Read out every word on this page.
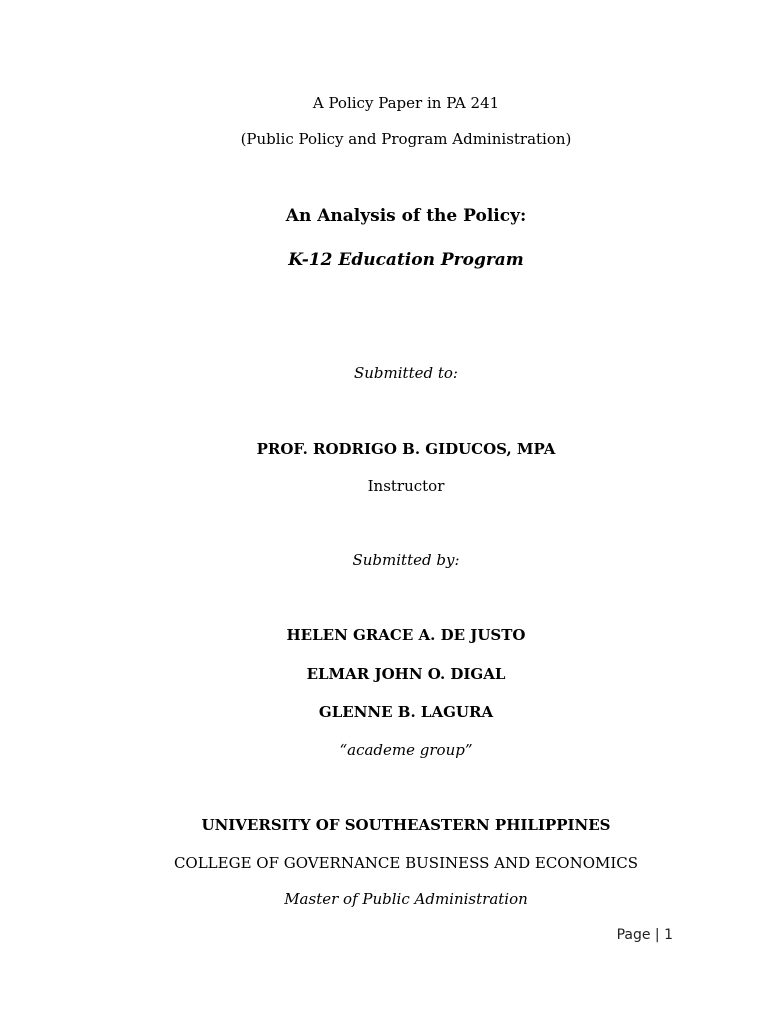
A Policy Paper in PA 241
(Public Policy and Program Administration)
An Analysis of the Policy:
K-12 Education Program
Submitted to:
PROF. RODRIGO B. GIDUCOS, MPA
Instructor
Submitted by:
HELEN GRACE A. DE JUSTO
ELMAR JOHN O. DIGAL
GLENNE B. LAGURA
“academe group”
UNIVERSITY OF SOUTHEASTERN PHILIPPINES
COLLEGE OF GOVERNANCE BUSINESS AND ECONOMICS
Master of Public Administration
Page | 1
